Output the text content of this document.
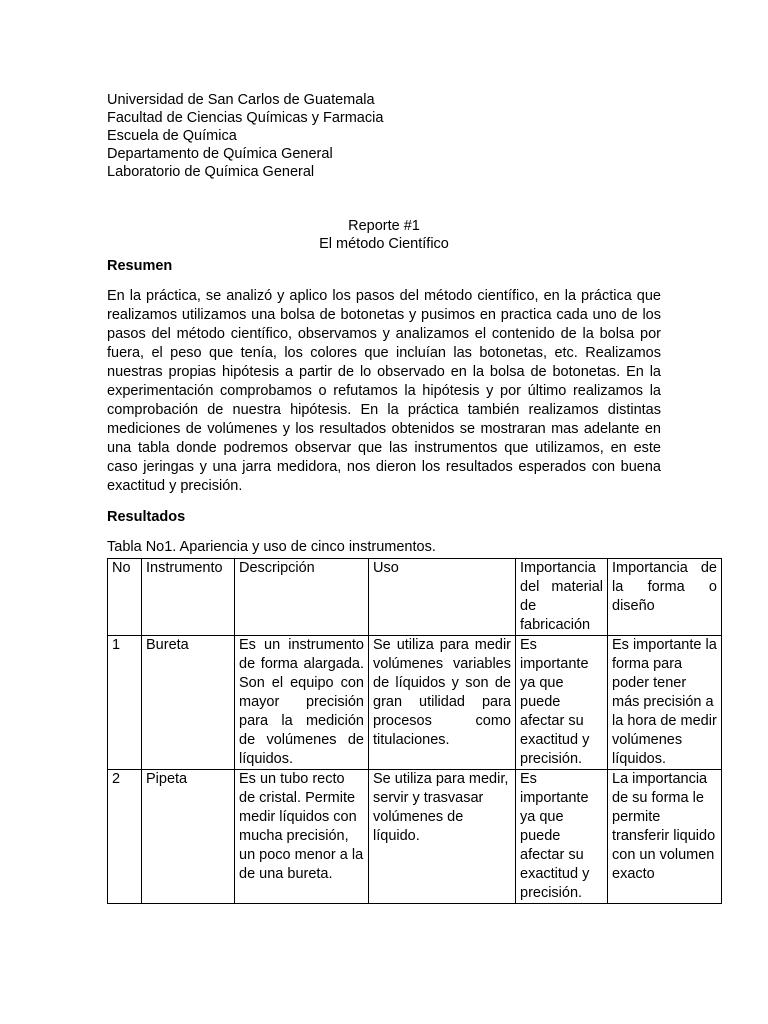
Universidad de San Carlos de Guatemala

Facultad de Ciencias Químicas y Farmacia

Escuela de Química

Departamento de Química General

Laboratorio de Química General

Reporte #1

El método Científico

Resumen

En la práctica, se analizó y aplico los pasos del método científico, en la práctica que realizamos utilizamos una bolsa de botonetas y pusimos en practica cada uno de los pasos del método científico, observamos y analizamos el contenido de la bolsa por fuera, el peso que tenía, los colores que incluían las botonetas, etc. Realizamos nuestras propias hipótesis a partir de lo observado en la bolsa de botonetas. En la experimentación comprobamos o refutamos la hipótesis y por último realizamos la comprobación de nuestra hipótesis. En la práctica también realizamos distintas mediciones de volúmenes y los resultados obtenidos se mostraran mas adelante en una tabla donde podremos observar que las instrumentos que utilizamos, en este caso jeringas y una jarra medidora, nos dieron los resultados esperados con buena exactitud y precisión.

Resultados

Tabla No1. Apariencia y uso de cinco instrumentos.

No	Instrumento	Descripción	Uso	Importancia del material de fabricación	Importancia de la forma o diseño
1	Bureta	Es un instrumento de forma alargada. Son el equipo con mayor precisión para la medición de volúmenes de líquidos.	Se utiliza para medir volúmenes variables de líquidos y son de gran utilidad para procesos como titulaciones.	Es importante ya que puede afectar su exactitud y precisión.	Es importante la forma para poder tener más precisión a la hora de medir volúmenes líquidos.
2	Pipeta	Es un tubo recto de cristal. Permite medir líquidos con mucha precisión, un poco menor a la de una bureta.	Se utiliza para medir, servir y trasvasar volúmenes de líquido.	Es importante ya que puede afectar su exactitud y precisión.	La importancia de su forma le permite transferir liquido con un volumen exacto
